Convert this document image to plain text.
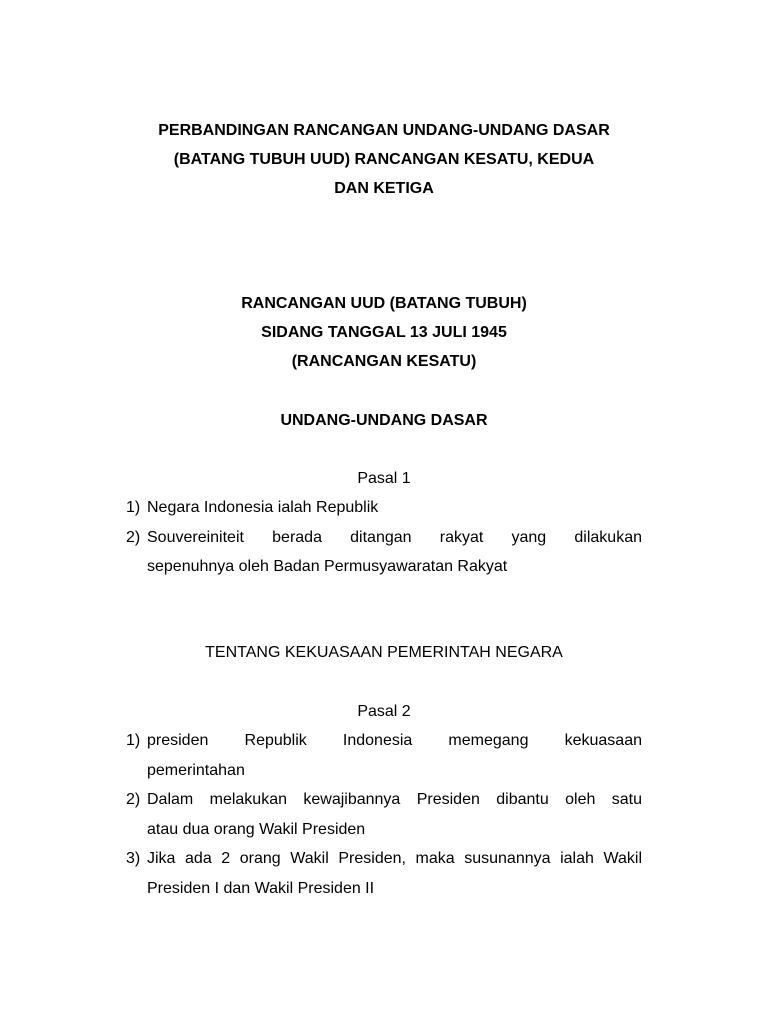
PERBANDINGAN RANCANGAN UNDANG-UNDANG DASAR
(BATANG TUBUH UUD) RANCANGAN KESATU, KEDUA
DAN KETIGA
RANCANGAN UUD (BATANG TUBUH)
SIDANG TANGGAL 13 JULI 1945
(RANCANGAN KESATU)
UNDANG-UNDANG DASAR
Pasal 1
1) Negara Indonesia ialah Republik
2) Souvereiniteit berada ditangan rakyat yang dilakukan
sepenuhnya oleh Badan Permusyawaratan Rakyat
TENTANG KEKUASAAN PEMERINTAH NEGARA
Pasal 2
1) presiden Republik Indonesia memegang kekuasaan
pemerintahan
2) Dalam melakukan kewajibannya Presiden dibantu oleh satu
atau dua orang Wakil Presiden
3) Jika ada 2 orang Wakil Presiden, maka susunannya ialah Wakil
Presiden I dan Wakil Presiden II
